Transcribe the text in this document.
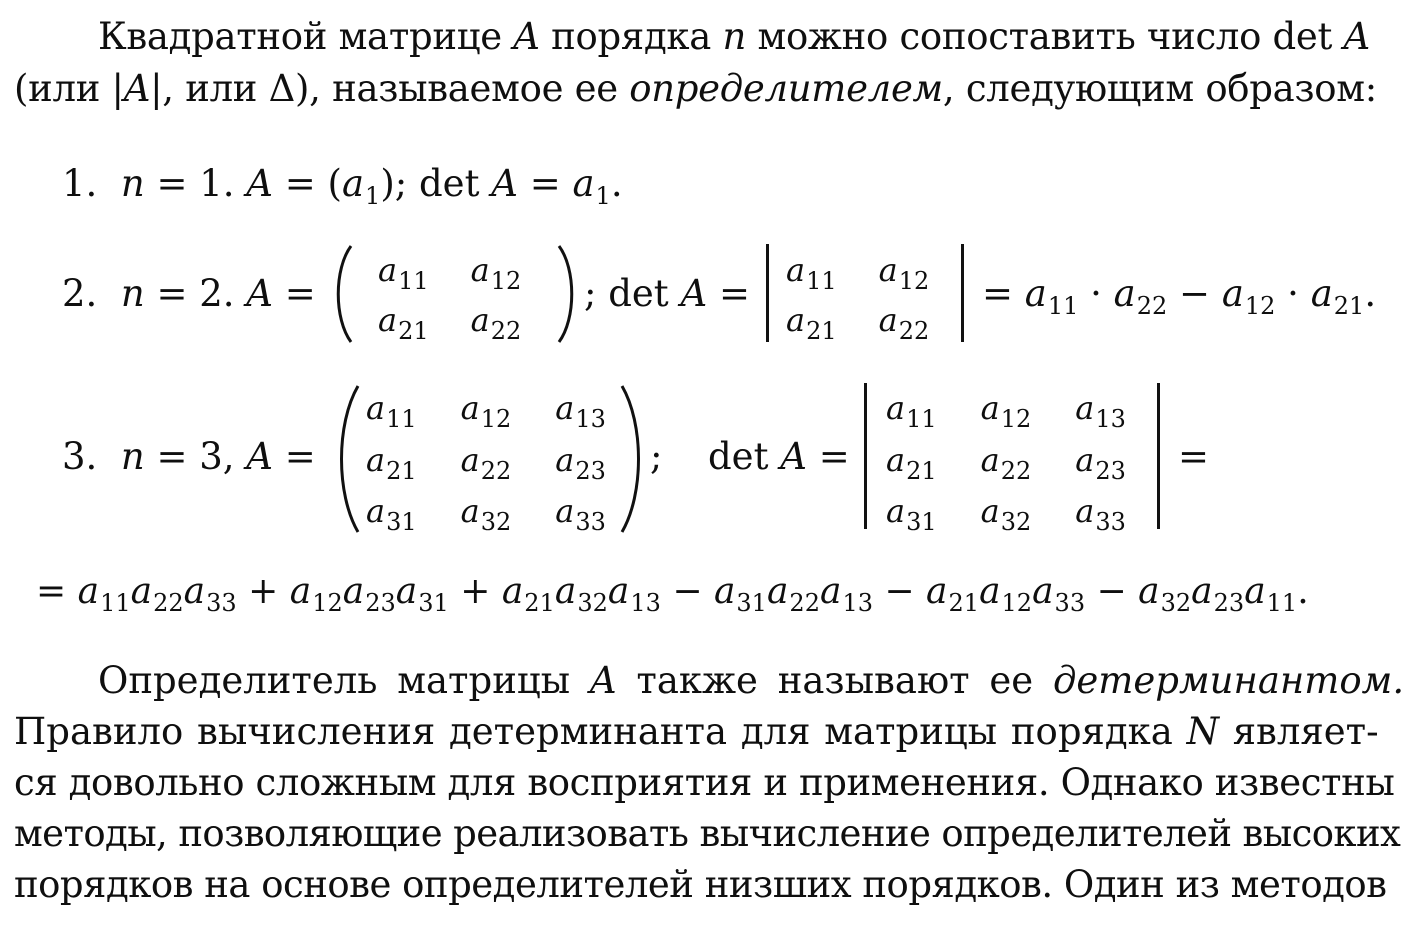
Квадратной матрице A порядка n можно сопоставить число det A
(или |A|, или Δ), называемое ее определителем, следующим образом:
1. n = 1. $A = (a_1)$; $\det A = a_1$.
2. n = 2. A =
$a_{11}$ $a_{12}$
$a_{21}$ $a_{22}$
; det A =
$a_{11}$ $a_{12}$
$a_{21}$ $a_{22}$
= $a_{11} \cdot a_{22} - a_{12} \cdot a_{21}$.
3. n = 3, A =
$a_{11}$ $a_{12}$ $a_{13}$
$a_{21}$ $a_{22}$ $a_{23}$
$a_{31}$ $a_{32}$ $a_{33}$
; det A =
$a_{11}$ $a_{12}$ $a_{13}$
$a_{21}$ $a_{22}$ $a_{23}$
$a_{31}$ $a_{32}$ $a_{33}$
=
= $a_{11}a_{22}a_{33} + a_{12}a_{23}a_{31} + a_{21}a_{32}a_{13} - a_{31}a_{22}a_{13} - a_{21}a_{12}a_{33} - a_{32}a_{23}a_{11}$.
Определитель матрицы A также называют ее детерминантом.
Правило вычисления детерминанта для матрицы порядка N являет-
ся довольно сложным для восприятия и применения. Однако известны
методы, позволяющие реализовать вычисление определителей высоких
порядков на основе определителей низших порядков. Один из методов
